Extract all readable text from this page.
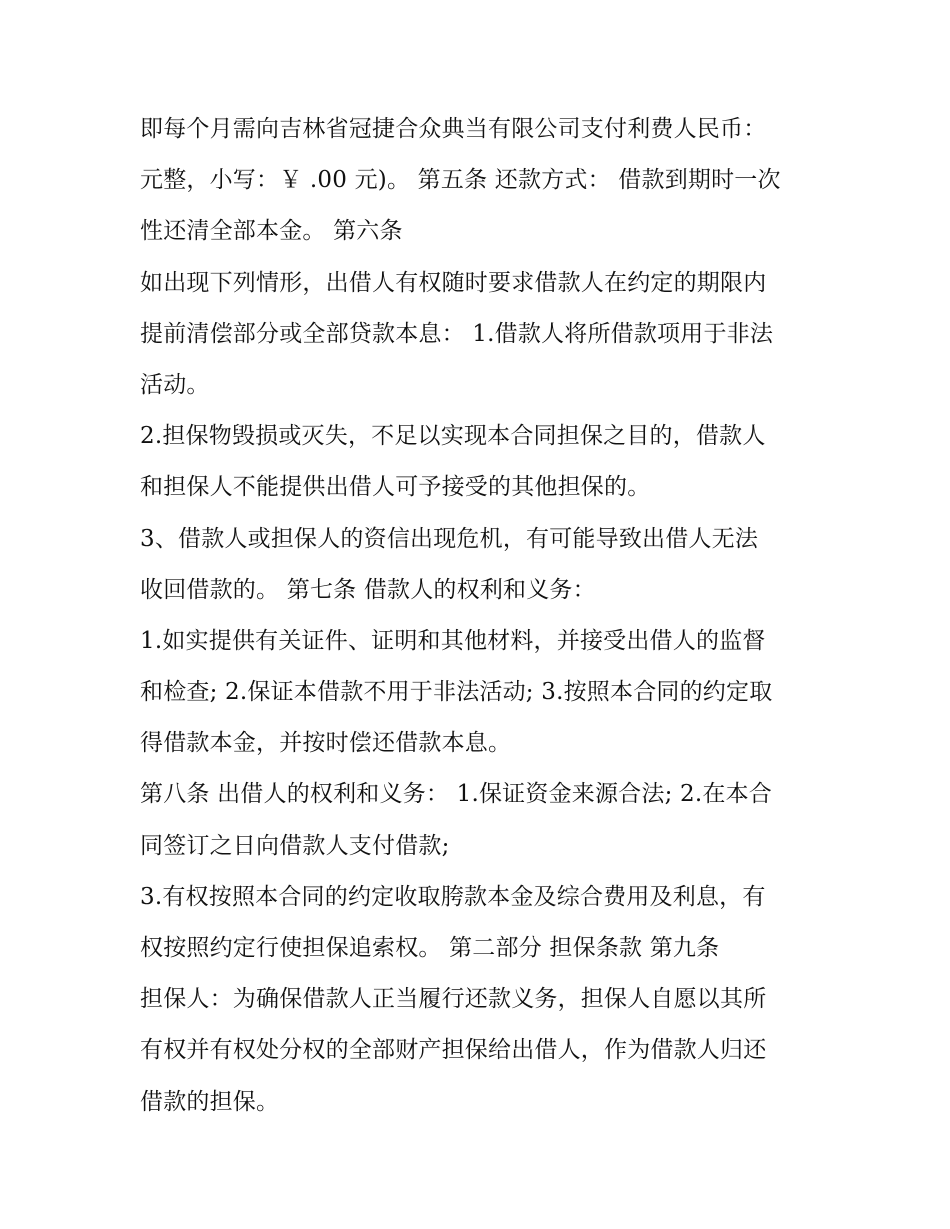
即每个月需向吉林省冠捷合众典当有限公司支付利费人民币：
元整，小写：￥ .00 元)。 第五条 还款方式： 借款到期时一次
性还清全部本金。 第六条
如出现下列情形，出借人有权随时要求借款人在约定的期限内
提前清偿部分或全部贷款本息： 1.借款人将所借款项用于非法
活动。
2.担保物毁损或灭失，不足以实现本合同担保之目的，借款人
和担保人不能提供出借人可予接受的其他担保的。
3、借款人或担保人的资信出现危机，有可能导致出借人无法
收回借款的。 第七条 借款人的权利和义务：
1.如实提供有关证件、证明和其他材料，并接受出借人的监督
和检查; 2.保证本借款不用于非法活动; 3.按照本合同的约定取
得借款本金，并按时偿还借款本息。
第八条 出借人的权利和义务： 1.保证资金来源合法; 2.在本合
同签订之日向借款人支付借款;
3.有权按照本合同的约定收取胯款本金及综合费用及利息，有
权按照约定行使担保追索权。 第二部分 担保条款 第九条
担保人：为确保借款人正当履行还款义务，担保人自愿以其所
有权并有权处分权的全部财产担保给出借人，作为借款人归还
借款的担保。
